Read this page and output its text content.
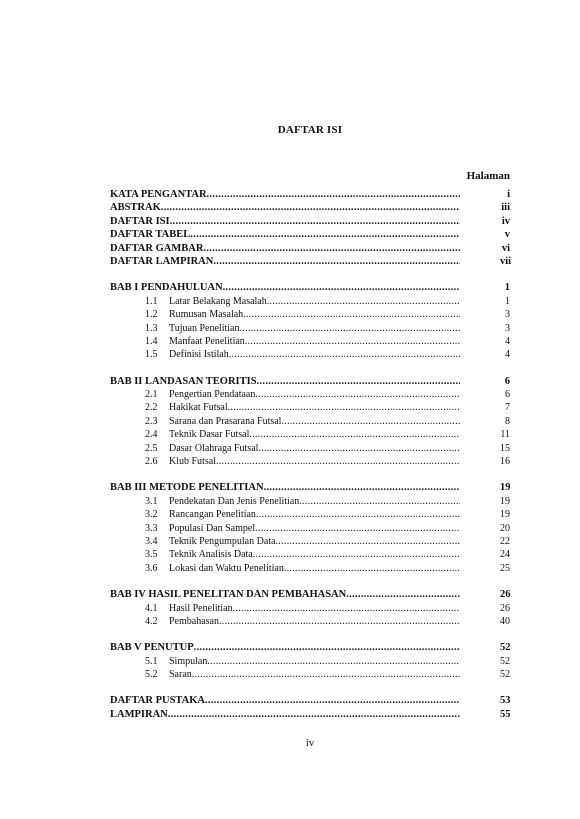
DAFTAR ISI
Halaman
KATA PENGANTAR .....	i
ABSTRAK .....	iii
DAFTAR ISI .....	iv
DAFTAR TABEL .....	v
DAFTAR GAMBAR .....	vi
DAFTAR LAMPIRAN .....	vii
BAB I PENDAHULUAN .....	1
1.1 Latar Belakang Masalah .....	1
1.2 Rumusan Masalah .....	3
1.3 Tujuan Penelitian .....	3
1.4 Manfaat Penelitian .....	4
1.5 Definisi Istilah .....	4
BAB II LANDASAN TEORITIS .....	6
2.1 Pengertian Pendataan .....	6
2.2 Hakikat Futsal .....	7
2.3 Sarana dan Prasarana Futsal .....	8
2.4 Teknik Dasar Futsal .....	11
2.5 Dasar Olahraga Futsal .....	15
2.6 Klub Futsal .....	16
BAB III METODE PENELITIAN .....	19
3.1 Pendekatan Dan Jenis Penelitian .....	19
3.2 Rancangan Penelitian .....	19
3.3 Populasi Dan Sampel .....	20
3.4 Teknik Pengumpulan Data .....	22
3.5 Teknik Analisis Data .....	24
3.6 Lokasi dan Waktu Penelitian .....	25
BAB IV HASIL PENELITAN DAN PEMBAHASAN .....	26
4.1 Hasil Penelitian .....	26
4.2 Pembahasan .....	40
BAB V PENUTUP .....	52
5.1 Simpulan .....	52
5.2 Saran .....	52
DAFTAR PUSTAKA .....	53
LAMPIRAN .....	55
iv
